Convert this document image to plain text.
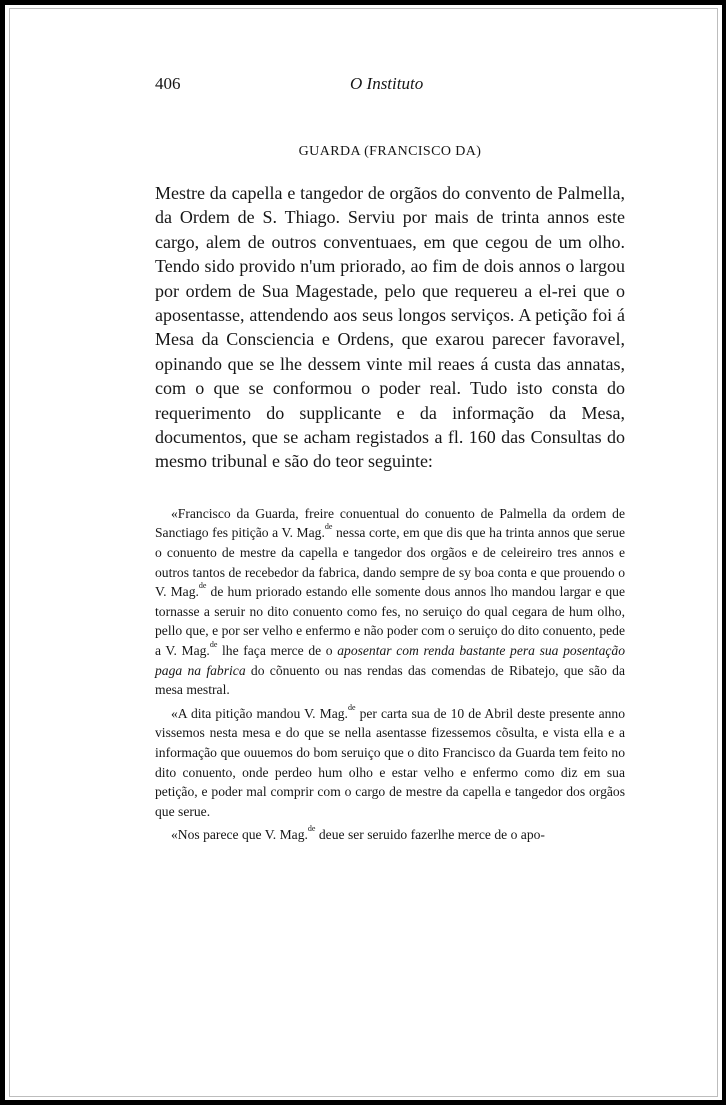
406	O Instituto
GUARDA (FRANCISCO DA)

Mestre da capella e tangedor de orgãos do convento de Palmella, da Ordem de S. Thiago. Serviu por mais de trinta annos este cargo, alem de outros conventuaes, em que cegou de um olho. Tendo sido provido n'um priorado, ao fim de dois annos o largou por ordem de Sua Magestade, pelo que requereu a el-rei que o aposentasse, attendendo aos seus longos serviços. A petição foi á Mesa da Consciencia e Ordens, que exarou parecer favoravel, opinando que se lhe dessem vinte mil reaes á custa das annatas, com o que se conformou o poder real. Tudo isto consta do requerimento do supplicante e da informação da Mesa, documentos, que se acham registados a fl. 160 das Consultas do mesmo tribunal e são do teor seguinte:

«Francisco da Guarda, freire conuentual do conuento de Palmella da ordem de Sanctiago fes pitição a V. Mag.$^{de}$ nessa corte, em que dis que ha trinta annos que serue o conuento de mestre da capella e tangedor dos orgãos e de celeireiro tres annos e outros tantos de recebedor da fabrica, dando sempre de sy boa conta e que prouendo o V. Mag.$^{de}$ de hum priorado estando elle somente dous annos lho mandou largar e que tornasse a seruir no dito conuento como fes, no seruiço do qual cegara de hum olho, pello que, e por ser velho e enfermo e não poder com o seruiço do dito conuento, pede a V. Mag.$^{de}$ lhe faça merce de o aposentar com renda bastante pera sua posentação paga na fabrica do cõnuento ou nas rendas das comendas de Ribatejo, que são da mesa mestral.

«A dita pitição mandou V. Mag.$^{de}$ per carta sua de 10 de Abril deste presente anno vissemos nesta mesa e do que se nella asentasse fizessemos cõsulta, e vista ella e a informação que ouuemos do bom seruiço que o dito Francisco da Guarda tem feito no dito conuento, onde perdeo hum olho e estar velho e enfermo como diz em sua petição, e poder mal comprir com o cargo de mestre da capella e tangedor dos orgãos que serue.

«Nos parece que V. Mag.$^{de}$ deue ser seruido fazerlhe merce de o apo-
